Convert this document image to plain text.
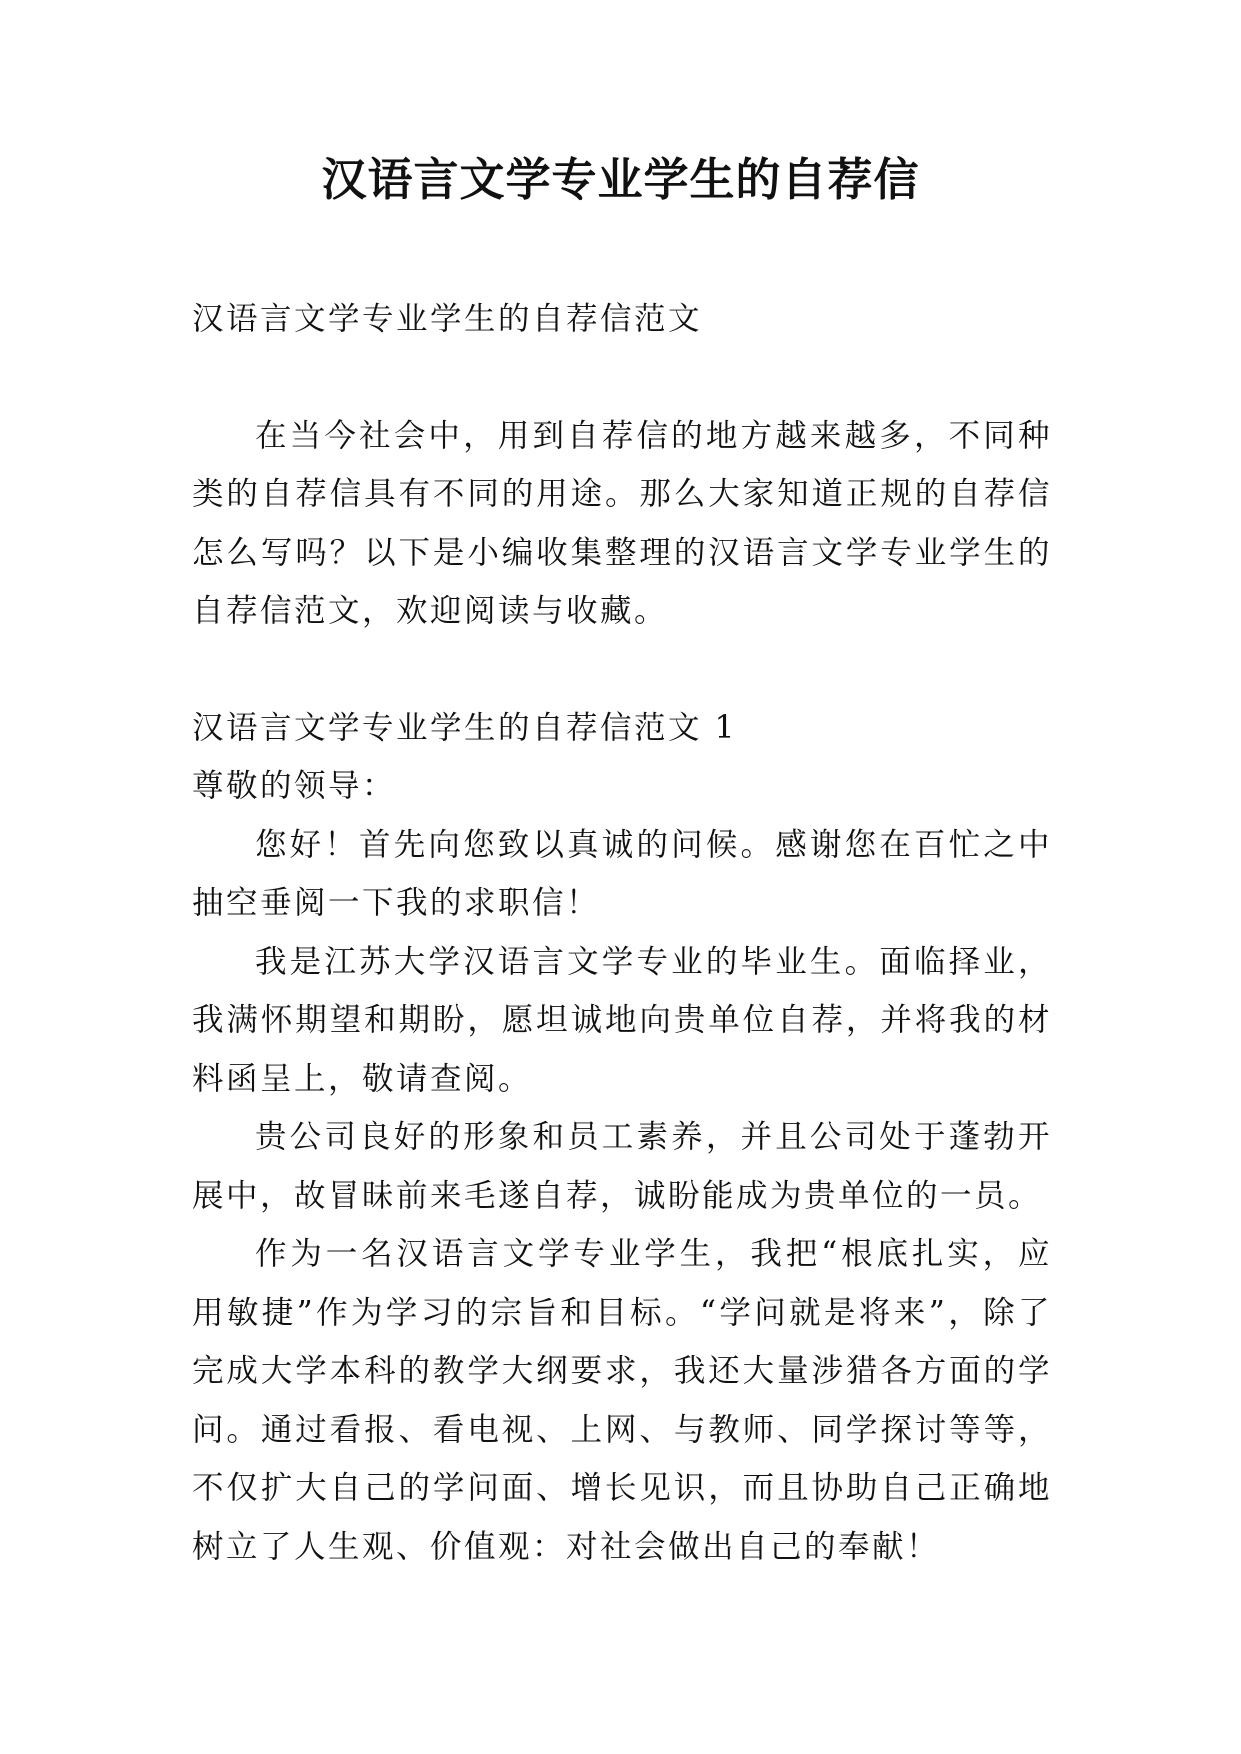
汉语言文学专业学生的自荐信

汉语言文学专业学生的自荐信范文

在当今社会中，用到自荐信的地方越来越多，不同种类的自荐信具有不同的用途。那么大家知道正规的自荐信怎么写吗？以下是小编收集整理的汉语言文学专业学生的自荐信范文，欢迎阅读与收藏。

汉语言文学专业学生的自荐信范文 1

尊敬的领导：

您好！首先向您致以真诚的问候。感谢您在百忙之中抽空垂阅一下我的求职信！

我是江苏大学汉语言文学专业的毕业生。面临择业，我满怀期望和期盼，愿坦诚地向贵单位自荐，并将我的材料函呈上，敬请查阅。

贵公司良好的形象和员工素养，并且公司处于蓬勃开展中，故冒昧前来毛遂自荐，诚盼能成为贵单位的一员。

作为一名汉语言文学专业学生，我把“根底扎实，应用敏捷”作为学习的宗旨和目标。“学问就是将来”，除了完成大学本科的教学大纲要求，我还大量涉猎各方面的学问。通过看报、看电视、上网、与教师、同学探讨等等，不仅扩大自己的学问面、增长见识，而且协助自己正确地树立了人生观、价值观：对社会做出自己的奉献！
